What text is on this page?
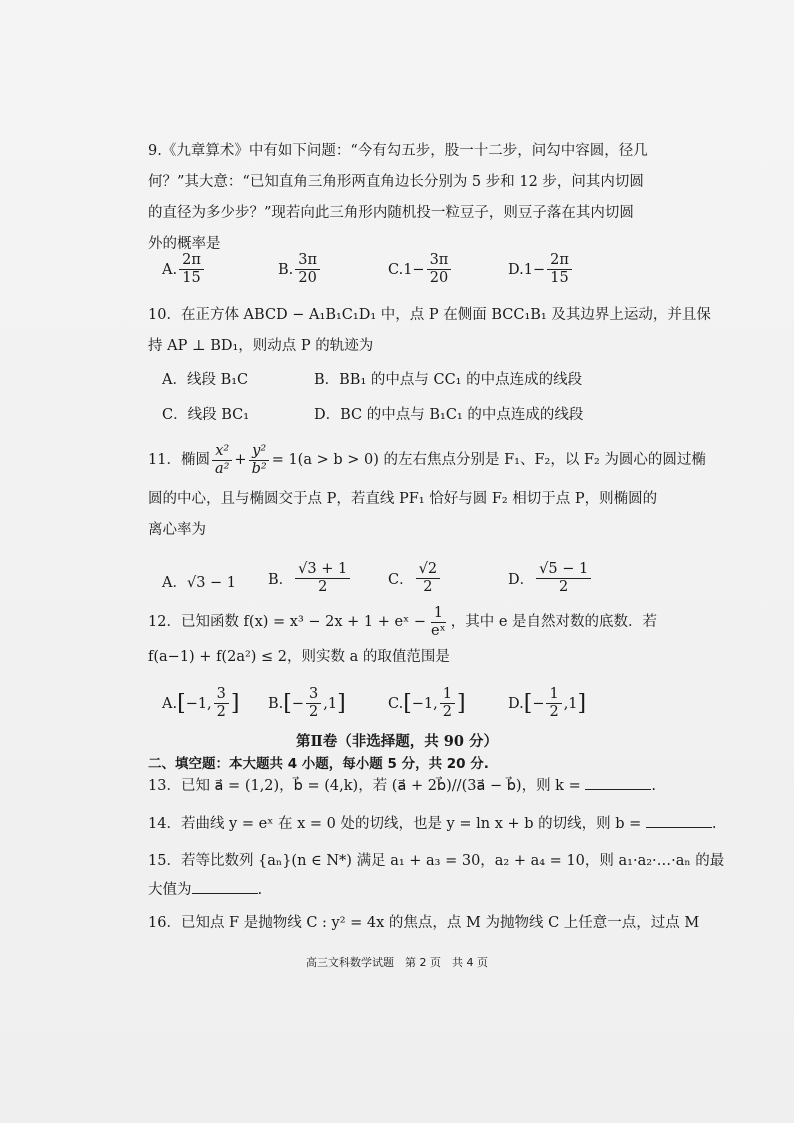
9.《九章算术》中有如下问题：“今有勾五步，股一十二步，问勾中容圆，径几
何？”其大意：“已知直角三角形两直角边长分别为 5 步和 12 步，问其内切圆
的直径为多少步？”现若向此三角形内随机投一粒豆子，则豆子落在其内切圆
外的概率是
A. $\frac{2\pi}{15}$	B. $\frac{3\pi}{20}$	C. $1- \frac{3\pi}{20}$	D. $1- \frac{2\pi}{15}$
10．在正方体 ABCD − A₁B₁C₁D₁ 中，点 P 在侧面 BCC₁B₁ 及其边界上运动，并且保
持 AP ⊥ BD₁，则动点 P 的轨迹为
A．线段 B₁C	B．BB₁ 的中点与 CC₁ 的中点连成的线段
C．线段 BC₁	D．BC 的中点与 B₁C₁ 的中点连成的线段
11．椭圆 $\frac{\text{x²}}{\text{a²}} + \frac{\text{y²}}{\text{b²}} = 1(a > b > 0)$ 的左右焦点分别是 F₁、F₂，以 F₂ 为圆心的圆过椭
圆的中心，且与椭圆交于点 P，若直线 PF₁ 恰好与圆 F₂ 相切于点 P，则椭圆的
离心率为
A．√3 − 1 B． $\frac{√3 + 1}{2}$	C． $\frac{√2}{2}$	D． $\frac{√5 - 1}{2}$
12．已知函数 f(x) = x³ − 2x + 1 + eˣ − $\frac{1}{\text{eˣ}}$ ，其中 e 是自然对数的底数．若
f(a−1) + f(2a²) ≤ 2，则实数 a 的取值范围是
A. [ −1, $\frac{3}{2}$ ] B. [ − $\frac{3}{2} ,1$ ]	C. [ −1, $\frac{1}{2}$ ]	D. [ − $\frac{1}{2} ,1$ ]
第Ⅱ卷（非选择题，共 90 分）
二、填空题：本大题共 4 小题，每小题 5 分，共 20 分.
13．已知 a⃗ = (1,2)，b⃗ = (4,k)，若 (a⃗ + 2b⃗)//(3a⃗ − b⃗)，则 k =	.
14．若曲线 y = eˣ 在 x = 0 处的切线，也是 y = ln x + b 的切线，则 b =	.
15．若等比数列 {aₙ}(n ∈ N*) 满足 a₁ + a₃ = 30，a₂ + a₄ = 10，则 a₁·a₂·…·aₙ 的最
大值为	.
16．已知点 F 是抛物线 C : y² = 4x 的焦点，点 M 为抛物线 C 上任意一点，过点 M
高三文科数学试题　第 2 页　共 4 页
